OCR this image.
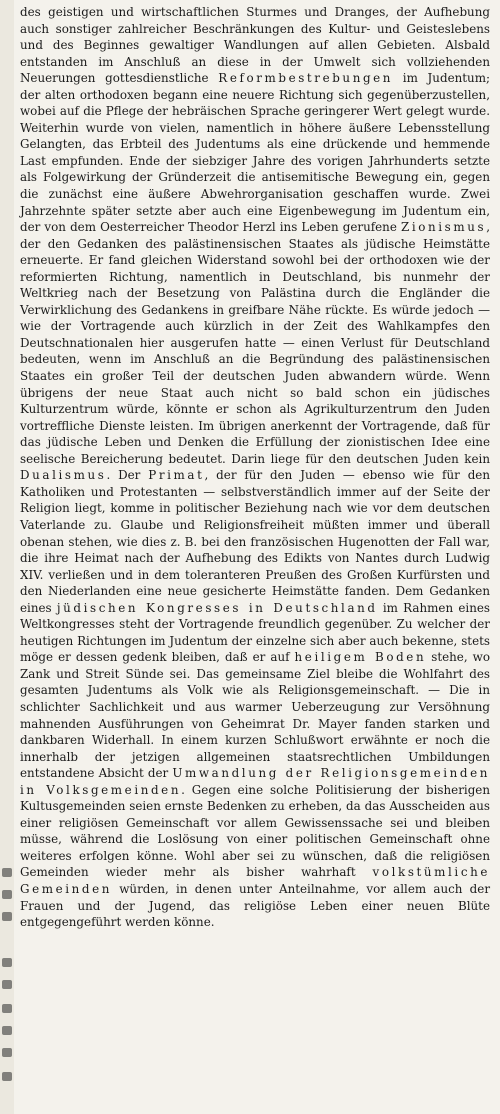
des geistigen und wirtschaftlichen Sturmes und Dranges, der Aufhebung auch sonstiger zahlreicher Beschränkungen des Kultur- und Geisteslebens und des Beginnes gewaltiger Wandlungen auf allen Gebieten. Alsbald entstanden im Anschluß an diese in der Umwelt sich vollziehenden Neuerungen gottesdienstliche Reformbestrebungen im Judentum; der alten orthodoxen begann eine neuere Richtung sich gegenüberzustellen, wobei auf die Pflege der hebräischen Sprache geringerer Wert gelegt wurde. Weiterhin wurde von vielen, namentlich in höhere äußere Lebensstellung Gelangten, das Erbteil des Judentums als eine drückende und hemmende Last empfunden. Ende der siebziger Jahre des vorigen Jahrhunderts setzte als Folgewirkung der Gründerzeit die antisemitische Bewegung ein, gegen die zunächst eine äußere Abwehrorganisation geschaffen wurde. Zwei Jahrzehnte später setzte aber auch eine Eigenbewegung im Judentum ein, der von dem Oesterreicher Theodor Herzl ins Leben gerufene Zionismus, der den Gedanken des palästinensischen Staates als jüdische Heimstätte erneuerte. Er fand gleichen Widerstand sowohl bei der orthodoxen wie der reformierten Richtung, namentlich in Deutschland, bis nunmehr der Weltkrieg nach der Besetzung von Palästina durch die Engländer die Verwirklichung des Gedankens in greifbare Nähe rückte. Es würde jedoch — wie der Vortragende auch kürzlich in der Zeit des Wahlkampfes den Deutschnationalen hier ausgerufen hatte — einen Verlust für Deutschland bedeuten, wenn im Anschluß an die Begründung des palästinensischen Staates ein großer Teil der deutschen Juden abwandern würde. Wenn übrigens der neue Staat auch nicht so bald schon ein jüdisches Kulturzentrum würde, könnte er schon als Agrikulturzentrum den Juden vortreffliche Dienste leisten. Im übrigen anerkennt der Vortragende, daß für das jüdische Leben und Denken die Erfüllung der zionistischen Idee eine seelische Bereicherung bedeutet. Darin liege für den deutschen Juden kein Dualismus. Der Primat, der für den Juden — ebenso wie für den Katholiken und Protestanten — selbstverständlich immer auf der Seite der Religion liegt, komme in politischer Beziehung nach wie vor dem deutschen Vaterlande zu. Glaube und Religionsfreiheit müßten immer und überall obenan stehen, wie dies z. B. bei den französischen Hugenotten der Fall war, die ihre Heimat nach der Aufhebung des Edikts von Nantes durch Ludwig XIV. verließen und in dem toleranteren Preußen des Großen Kurfürsten und den Niederlanden eine neue gesicherte Heimstätte fanden. Dem Gedanken eines jüdischen Kongresses in Deutschland im Rahmen eines Weltkongresses steht der Vortragende freundlich gegenüber. Zu welcher der heutigen Richtungen im Judentum der einzelne sich aber auch bekenne, stets möge er dessen gedenk bleiben, daß er auf heiligem Boden stehe, wo Zank und Streit Sünde sei. Das gemeinsame Ziel bleibe die Wohlfahrt des gesamten Judentums als Volk wie als Religionsgemeinschaft. — Die in schlichter Sachlichkeit und aus warmer Ueberzeugung zur Versöhnung mahnenden Ausführungen von Geheimrat Dr. Mayer fanden starken und dankbaren Widerhall. In einem kurzen Schlußwort erwähnte er noch die innerhalb der jetzigen allgemeinen staatsrechtlichen Umbildungen entstandene Absicht der Umwandlung der Religionsgemeinden in Volksgemeinden. Gegen eine solche Politisierung der bisherigen Kultusgemeinden seien ernste Bedenken zu erheben, da das Ausscheiden aus einer religiösen Gemeinschaft vor allem Gewissenssache sei und bleiben müsse, während die Loslösung von einer politischen Gemeinschaft ohne weiteres erfolgen könne. Wohl aber sei zu wünschen, daß die religiösen Gemeinden wieder mehr als bisher wahrhaft volkstümliche Gemeinden würden, in denen unter Anteilnahme, vor allem auch der Frauen und der Jugend, das religiöse Leben einer neuen Blüte entgegengeführt werden könne.
